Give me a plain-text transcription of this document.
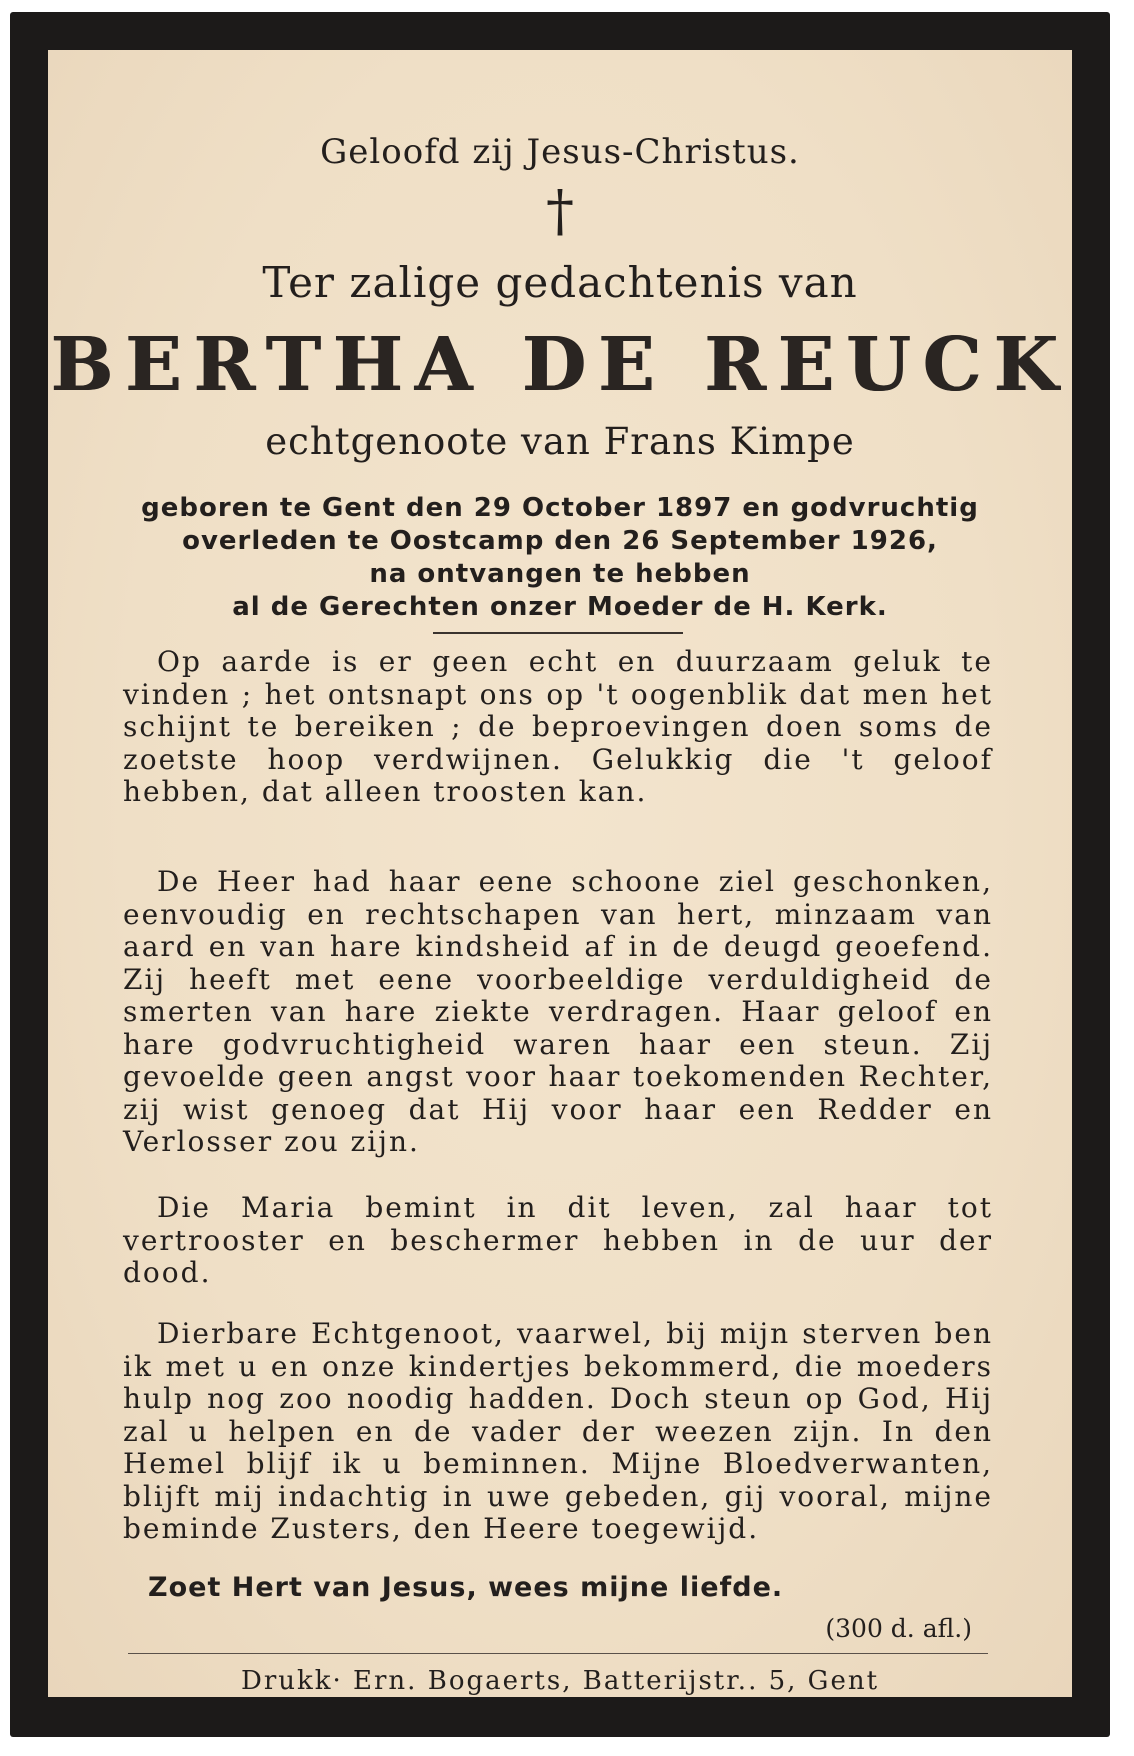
Geloofd zij Jesus-Christus.
†
Ter zalige gedachtenis van
BERTHA DE REUCK
echtgenoote van Frans Kimpe
geboren te Gent den 29 October 1897 en godvruchtig
overleden te Oostcamp den 26 September 1926,
na ontvangen te hebben
al de Gerechten onzer Moeder de H. Kerk.

Op aarde is er geen echt en duurzaam geluk te vinden ; het ontsnapt ons op 't oogenblik dat men het schijnt te bereiken ; de beproevingen doen soms de zoetste hoop verdwijnen. Gelukkig die 't geloof hebben, dat alleen troosten kan.

De Heer had haar eene schoone ziel geschonken, eenvoudig en rechtschapen van hert, minzaam van aard en van hare kindsheid af in de deugd geoefend. Zij heeft met eene voorbeeldige verduldigheid de smerten van hare ziekte verdragen. Haar geloof en hare godvruchtigheid waren haar een steun. Zij gevoelde geen angst voor haar toekomenden Rechter, zij wist genoeg dat Hij voor haar een Redder en Verlosser zou zijn.

Die Maria bemint in dit leven, zal haar tot vertrooster en beschermer hebben in de uur der dood.

Dierbare Echtgenoot, vaarwel, bij mijn sterven ben ik met u en onze kindertjes bekommerd, die moeders hulp nog zoo noodig hadden. Doch steun op God, Hij zal u helpen en de vader der weezen zijn. In den Hemel blijf ik u beminnen. Mijne Bloedverwanten, blijft mij indachtig in uwe gebeden, gij vooral, mijne beminde Zusters, den Heere toegewijd.

Zoet Hert van Jesus, wees mijne liefde.
(300 d. afl.)
Drukk· Ern. Bogaerts, Batterijstr.. 5, Gent
